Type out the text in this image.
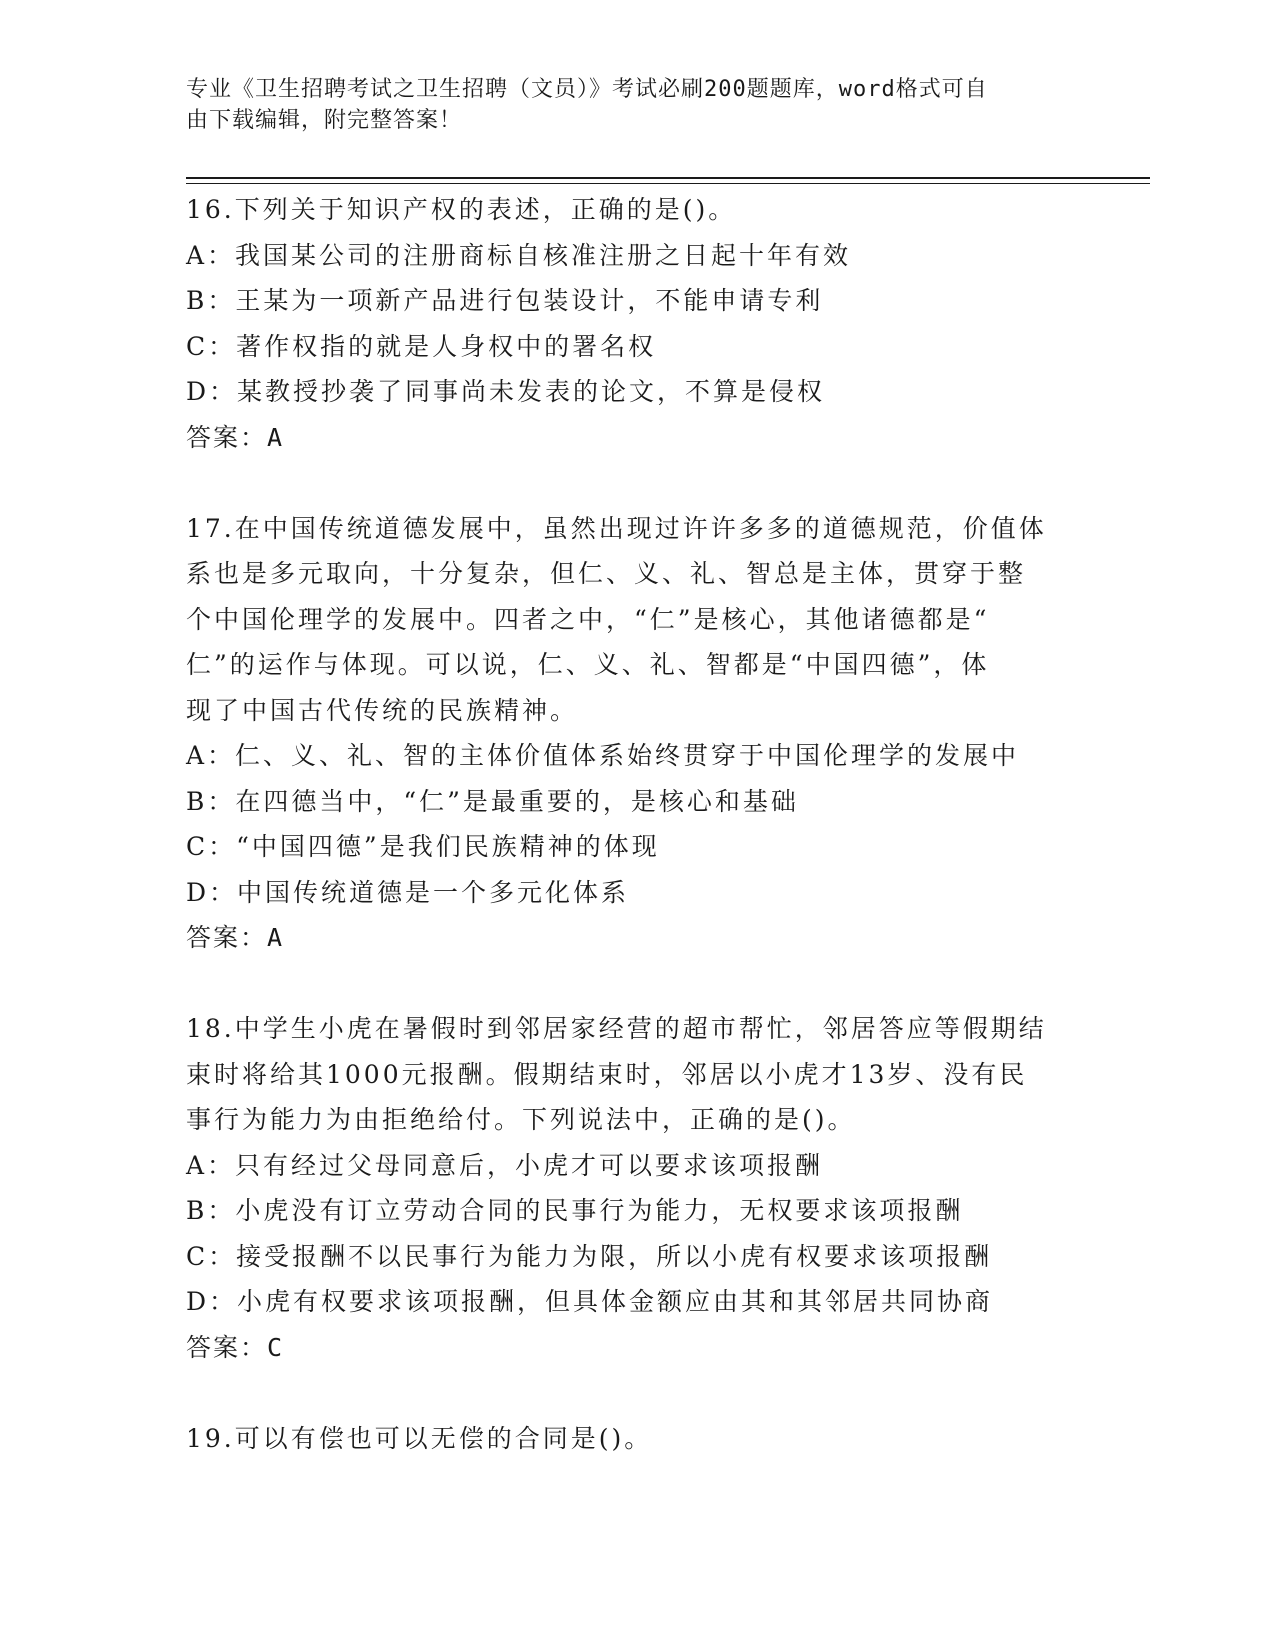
专业《卫生招聘考试之卫生招聘（文员）》考试必刷200题题库，word格式可自
由下载编辑，附完整答案！
16.下列关于知识产权的表述，正确的是()。
A：我国某公司的注册商标自核准注册之日起十年有效
B：王某为一项新产品进行包装设计，不能申请专利
C：著作权指的就是人身权中的署名权
D：某教授抄袭了同事尚未发表的论文，不算是侵权
答案：A
17.在中国传统道德发展中，虽然出现过许许多多的道德规范，价值体
系也是多元取向，十分复杂，但仁、义、礼、智总是主体，贯穿于整
个中国伦理学的发展中。四者之中，“仁”是核心，其他诸德都是“
仁”的运作与体现。可以说，仁、义、礼、智都是“中国四德”，体
现了中国古代传统的民族精神。
A：仁、义、礼、智的主体价值体系始终贯穿于中国伦理学的发展中
B：在四德当中，“仁”是最重要的，是核心和基础
C：“中国四德”是我们民族精神的体现
D：中国传统道德是一个多元化体系
答案：A
18.中学生小虎在暑假时到邻居家经营的超市帮忙，邻居答应等假期结
束时将给其1000元报酬。假期结束时，邻居以小虎才13岁、没有民
事行为能力为由拒绝给付。下列说法中，正确的是()。
A：只有经过父母同意后，小虎才可以要求该项报酬
B：小虎没有订立劳动合同的民事行为能力，无权要求该项报酬
C：接受报酬不以民事行为能力为限，所以小虎有权要求该项报酬
D：小虎有权要求该项报酬，但具体金额应由其和其邻居共同协商
答案：C
19.可以有偿也可以无偿的合同是()。
